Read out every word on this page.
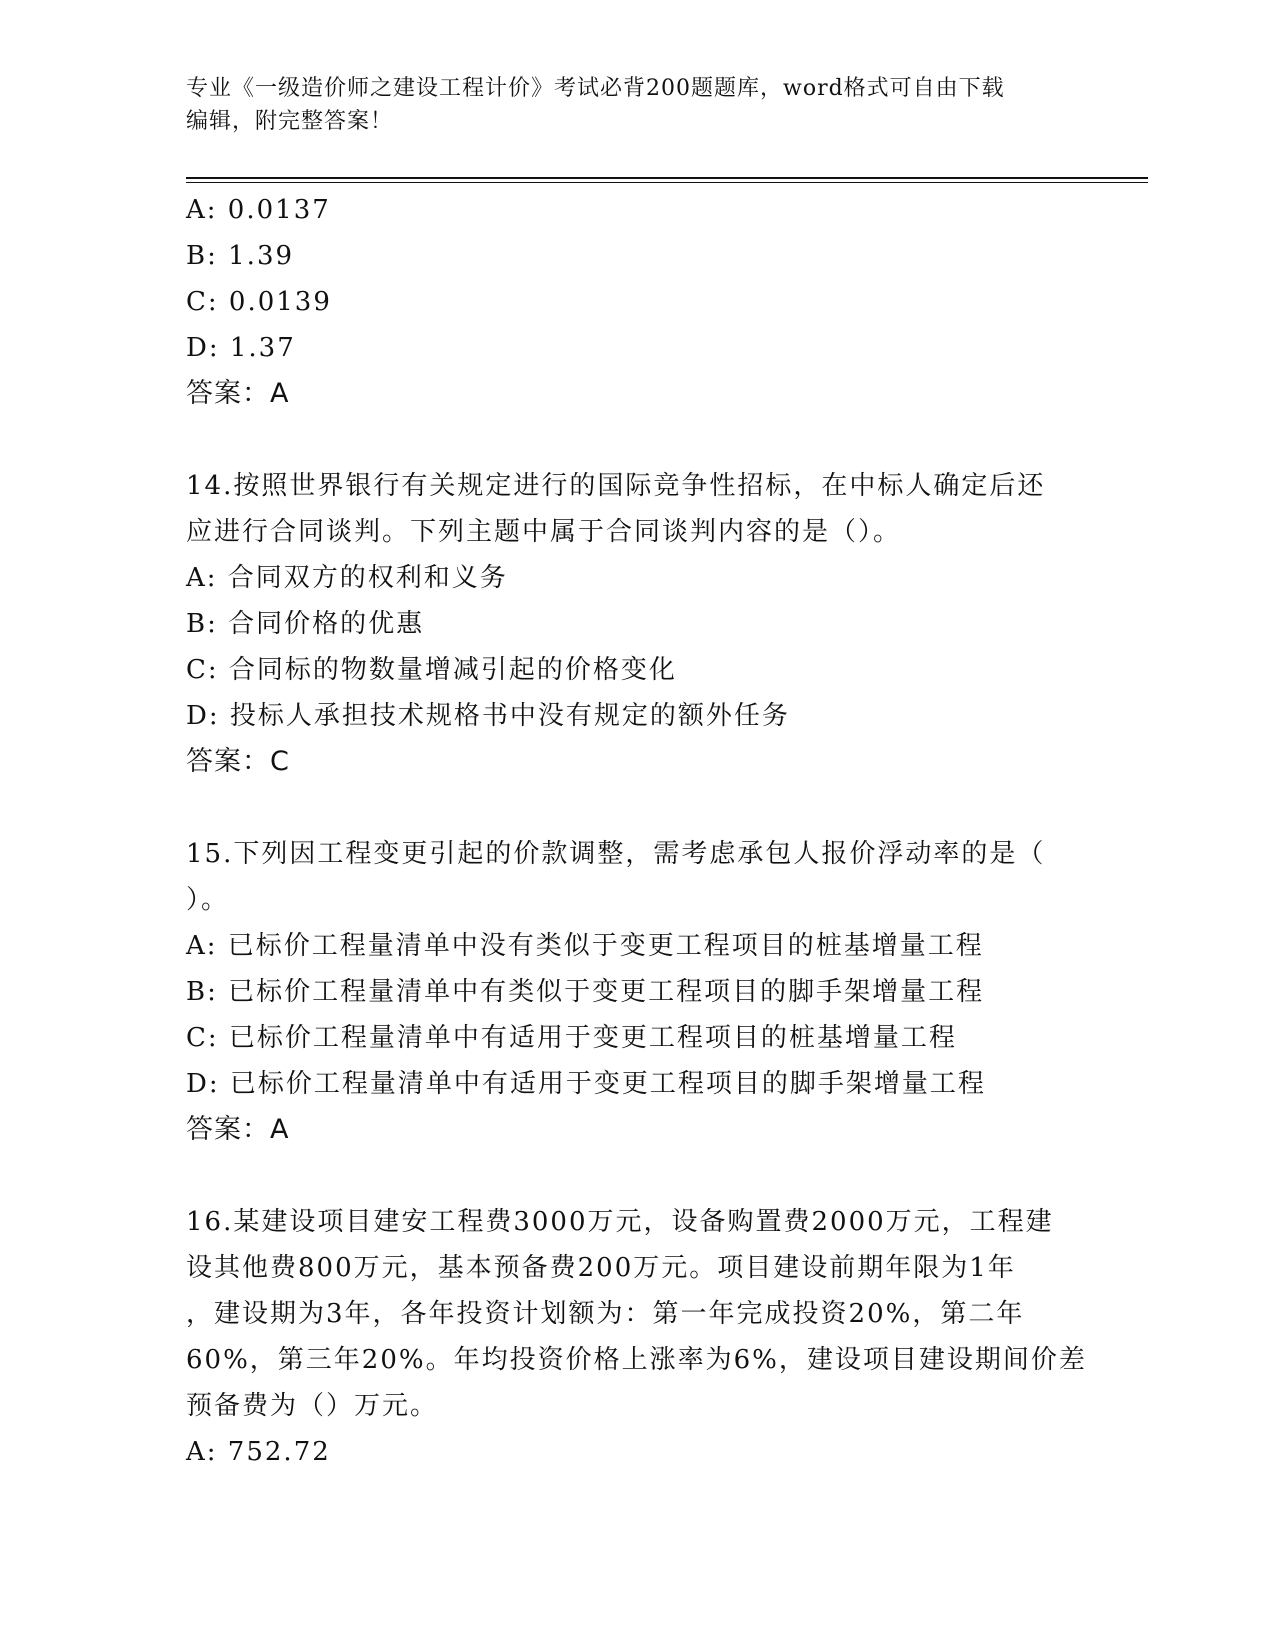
专业《一级造价师之建设工程计价》考试必背200题题库，word格式可自由下载
编辑，附完整答案！
A: 0.0137
B: 1.39
C: 0.0139
D: 1.37
答案：A
14.按照世界银行有关规定进行的国际竞争性招标，在中标人确定后还
应进行合同谈判。下列主题中属于合同谈判内容的是（）。
A: 合同双方的权利和义务
B: 合同价格的优惠
C: 合同标的物数量增减引起的价格变化
D: 投标人承担技术规格书中没有规定的额外任务
答案：C
15.下列因工程变更引起的价款调整，需考虑承包人报价浮动率的是（
）。
A: 已标价工程量清单中没有类似于变更工程项目的桩基增量工程
B: 已标价工程量清单中有类似于变更工程项目的脚手架增量工程
C: 已标价工程量清单中有适用于变更工程项目的桩基增量工程
D: 已标价工程量清单中有适用于变更工程项目的脚手架增量工程
答案：A
16.某建设项目建安工程费3000万元，设备购置费2000万元，工程建
设其他费800万元，基本预备费200万元。项目建设前期年限为1年
，建设期为3年，各年投资计划额为：第一年完成投资20%，第二年
60%，第三年20%。年均投资价格上涨率为6%，建设项目建设期间价差
预备费为（）万元。
A: 752.72
